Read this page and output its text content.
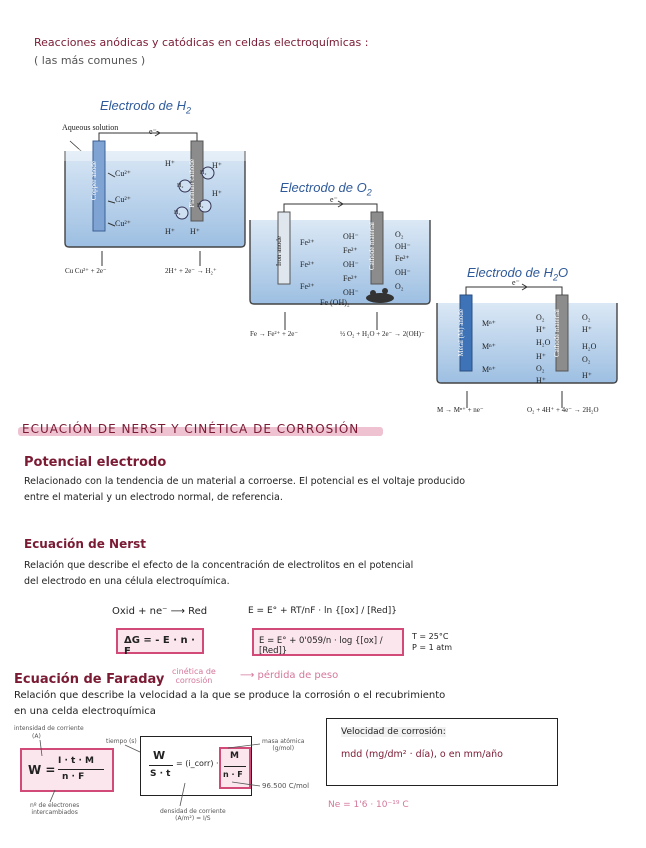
Reacciones anódicas y catódicas en celdas electroquímicas :
( las más comunes )
Electrodo de $H_2$
Aqueous solution
Copper anode	Platinum cathode
e⁻
Cu²⁺
Cu²⁺
Cu²⁺
H⁺	H⁺
H⁺
H⁺ H⁺
H₂
H₂
H₂
H₂
Cu Cu²⁺ + 2e⁻	2H⁺ + 2e⁻ → H₂⁺
Electrodo de $O_2$
Iron anode	Cathode material
e⁻
Fe²⁺
Fe²⁺
Fe²⁺
OH⁻
Fe²⁺
OH⁻
Fe²⁺
OH⁻
O₂
OH⁻
Fe²⁺
OH⁻
O₂
Fe (OH)₂
Fe → Fe²⁺ + 2e⁻	½ O₂ + H₂O + 2e⁻ → 2(OH)⁻
Electrodo de $H_2O$
Metal (M) anode	Cathode material
e⁻
Mⁿ⁺
Mⁿ⁺
Mⁿ⁺
O₂
H⁺
H₂O
H⁺
O₂
H⁺
O₂
H⁺
H₂O
O₂
H⁺
M → Mⁿ⁺ + ne⁻	O₂ + 4H⁺ + 4e⁻ → 2H₂O
ECUACIÓN DE NERST Y CINÉTICA DE CORROSIÓN
Potencial electrodo
Relacionado con la tendencia de un material a corroerse. El potencial es el voltaje producido
entre el material y un electrodo normal, de referencia.
Ecuación de Nerst
Relación que describe el efecto de la concentración de electrolitos en el potencial
del electrodo en una célula electroquímica.
Oxid + ne⁻ ⟶ Red	E = E° + RT/nF · ln {[ox] / [Red]}
ΔG = - E · n · F
E = E° + 0'059/n · log {[ox] / [Red]}
T = 25°C
P = 1 atm
Ecuación de Faraday
cinética de
corrosión	⟶ pérdida de peso
Relación que describe la velocidad a la que se produce la corrosión o el recubrimiento
en una celda electroquímica
intensidad de corriente
(A)
W =
I · t · M
n · F
nº de electrones
intercambiados
tiempo (s)
W
S · t
= (i_corr) ·
M
n · F
masa atómica
(g/mol)
96.500 C/mol
densidad de corriente
(A/m²) = I/S
Velocidad de corrosión:
mdd (mg/dm² · día), o en mm/año
Ne = 1'6 · 10⁻¹⁹ C
